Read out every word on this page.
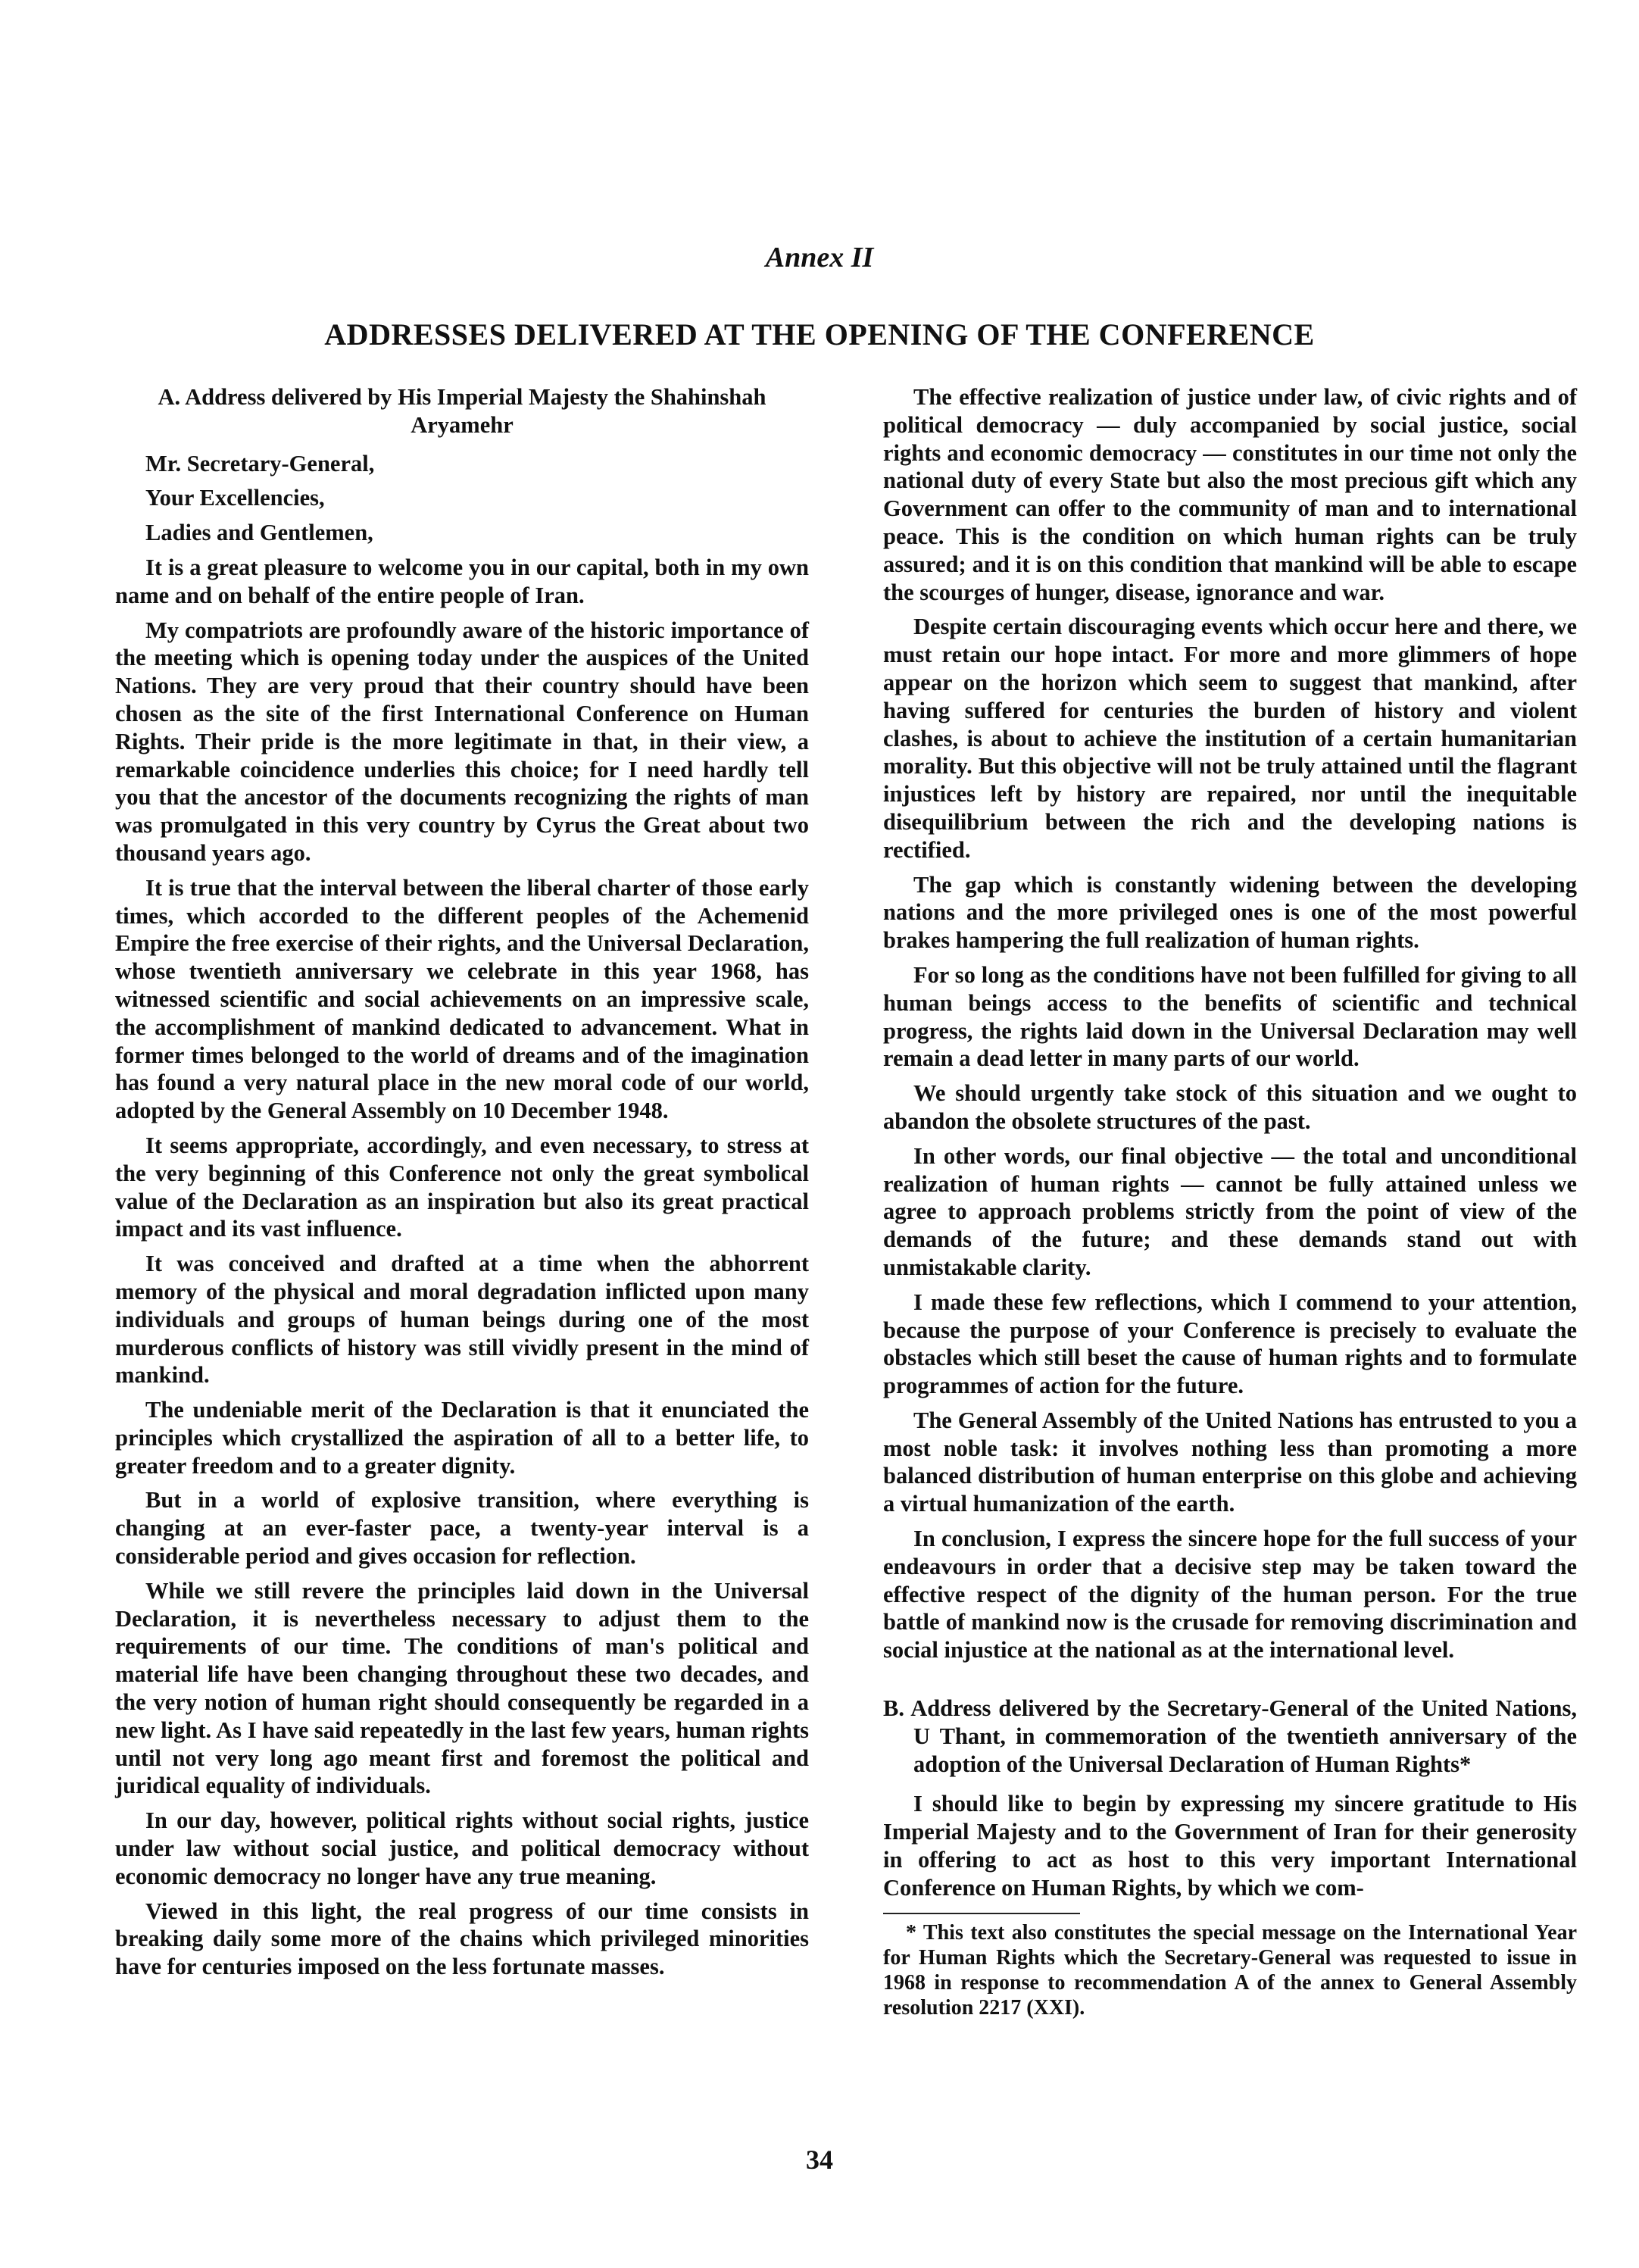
Annex II
ADDRESSES DELIVERED AT THE OPENING OF THE CONFERENCE
A. Address delivered by His Imperial Majesty the Shahinshah Aryamehr

Mr. Secretary-General,

Your Excellencies,

Ladies and Gentlemen,

It is a great pleasure to welcome you in our capital, both in my own name and on behalf of the entire people of Iran.

My compatriots are profoundly aware of the historic importance of the meeting which is opening today under the auspices of the United Nations. They are very proud that their country should have been chosen as the site of the first International Conference on Human Rights. Their pride is the more legitimate in that, in their view, a remarkable coincidence underlies this choice; for I need hardly tell you that the ancestor of the documents recognizing the rights of man was promulgated in this very country by Cyrus the Great about two thousand years ago.

It is true that the interval between the liberal charter of those early times, which accorded to the different peoples of the Achemenid Empire the free exercise of their rights, and the Universal Declaration, whose twentieth anniversary we celebrate in this year 1968, has witnessed scientific and social achievements on an impressive scale, the accomplishment of mankind dedicated to advancement. What in former times belonged to the world of dreams and of the imagination has found a very natural place in the new moral code of our world, adopted by the General Assembly on 10 December 1948.

It seems appropriate, accordingly, and even necessary, to stress at the very beginning of this Conference not only the great symbolical value of the Declaration as an inspiration but also its great practical impact and its vast influence.

It was conceived and drafted at a time when the abhorrent memory of the physical and moral degradation inflicted upon many individuals and groups of human beings during one of the most murderous conflicts of history was still vividly present in the mind of mankind.

The undeniable merit of the Declaration is that it enunciated the principles which crystallized the aspiration of all to a better life, to greater freedom and to a greater dignity.

But in a world of explosive transition, where everything is changing at an ever-faster pace, a twenty-year interval is a considerable period and gives occasion for reflection.

While we still revere the principles laid down in the Universal Declaration, it is nevertheless necessary to adjust them to the requirements of our time. The conditions of man's political and material life have been changing throughout these two decades, and the very notion of human right should consequently be regarded in a new light. As I have said repeatedly in the last few years, human rights until not very long ago meant first and foremost the political and juridical equality of individuals.

In our day, however, political rights without social rights, justice under law without social justice, and political democracy without economic democracy no longer have any true meaning.

Viewed in this light, the real progress of our time consists in breaking daily some more of the chains which privileged minorities have for centuries imposed on the less fortunate masses.

The effective realization of justice under law, of civic rights and of political democracy — duly accompanied by social justice, social rights and economic democracy — constitutes in our time not only the national duty of every State but also the most precious gift which any Government can offer to the community of man and to international peace. This is the condition on which human rights can be truly assured; and it is on this condition that mankind will be able to escape the scourges of hunger, disease, ignorance and war.

Despite certain discouraging events which occur here and there, we must retain our hope intact. For more and more glimmers of hope appear on the horizon which seem to suggest that mankind, after having suffered for centuries the burden of history and violent clashes, is about to achieve the institution of a certain humanitarian morality. But this objective will not be truly attained until the flagrant injustices left by history are repaired, nor until the inequitable disequilibrium between the rich and the developing nations is rectified.

The gap which is constantly widening between the developing nations and the more privileged ones is one of the most powerful brakes hampering the full realization of human rights.

For so long as the conditions have not been fulfilled for giving to all human beings access to the benefits of scientific and technical progress, the rights laid down in the Universal Declaration may well remain a dead letter in many parts of our world.

We should urgently take stock of this situation and we ought to abandon the obsolete structures of the past.

In other words, our final objective — the total and unconditional realization of human rights — cannot be fully attained unless we agree to approach problems strictly from the point of view of the demands of the future; and these demands stand out with unmistakable clarity.

I made these few reflections, which I commend to your attention, because the purpose of your Conference is precisely to evaluate the obstacles which still beset the cause of human rights and to formulate programmes of action for the future.

The General Assembly of the United Nations has entrusted to you a most noble task: it involves nothing less than promoting a more balanced distribution of human enterprise on this globe and achieving a virtual humanization of the earth.

In conclusion, I express the sincere hope for the full success of your endeavours in order that a decisive step may be taken toward the effective respect of the dignity of the human person. For the true battle of mankind now is the crusade for removing discrimination and social injustice at the national as at the international level.

B. Address delivered by the Secretary-General of the United Nations, U Thant, in commemoration of the twentieth anniversary of the adoption of the Universal Declaration of Human Rights*

I should like to begin by expressing my sincere gratitude to His Imperial Majesty and to the Government of Iran for their generosity in offering to act as host to this very important International Conference on Human Rights, by which we com-

* This text also constitutes the special message on the International Year for Human Rights which the Secretary-General was requested to issue in 1968 in response to recommendation A of the annex to General Assembly resolution 2217 (XXI).
34
